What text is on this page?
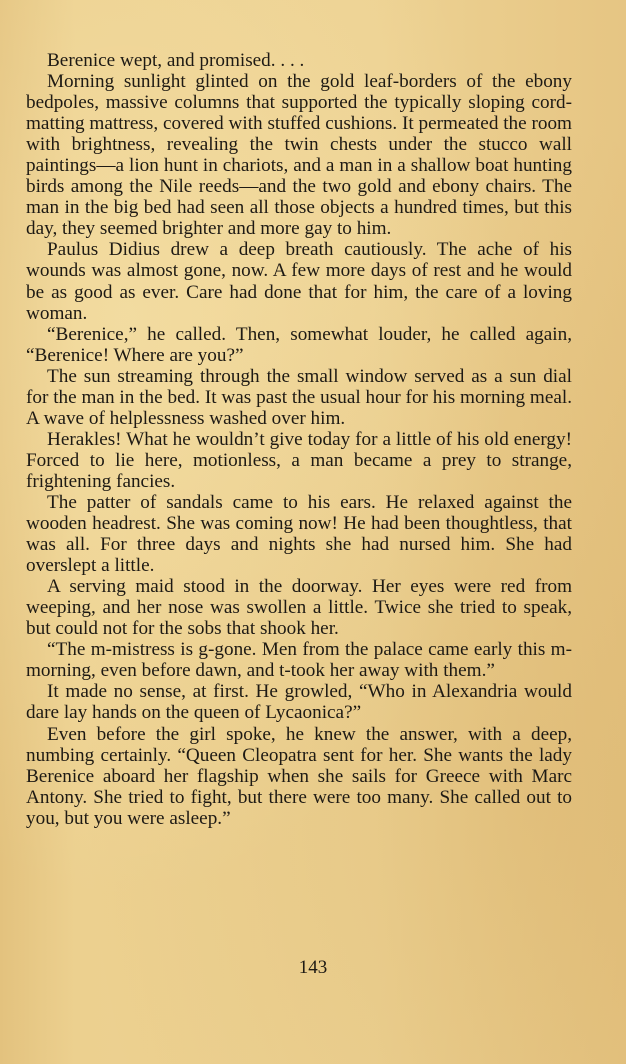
Berenice wept, and promised. . . .

Morning sunlight glinted on the gold leaf-borders of the ebony bedpoles, massive columns that supported the typically sloping cord-matting mattress, covered with stuffed cushions. It permeated the room with brightness, revealing the twin chests under the stucco wall paintings—a lion hunt in chariots, and a man in a shallow boat hunting birds among the Nile reeds—and the two gold and ebony chairs. The man in the big bed had seen all those objects a hundred times, but this day, they seemed brighter and more gay to him.

Paulus Didius drew a deep breath cautiously. The ache of his wounds was almost gone, now. A few more days of rest and he would be as good as ever. Care had done that for him, the care of a loving woman.

“Berenice,” he called. Then, somewhat louder, he called again, “Berenice! Where are you?”

The sun streaming through the small window served as a sun dial for the man in the bed. It was past the usual hour for his morning meal. A wave of helplessness washed over him.

Herakles! What he wouldn’t give today for a little of his old energy! Forced to lie here, motionless, a man became a prey to strange, frightening fancies.

The patter of sandals came to his ears. He relaxed against the wooden headrest. She was coming now! He had been thoughtless, that was all. For three days and nights she had nursed him. She had overslept a little.

A serving maid stood in the doorway. Her eyes were red from weeping, and her nose was swollen a little. Twice she tried to speak, but could not for the sobs that shook her.

“The m-mistress is g-gone. Men from the palace came early this m-morning, even before dawn, and t-took her away with them.”

It made no sense, at first. He growled, “Who in Alexandria would dare lay hands on the queen of Lycaonica?”

Even before the girl spoke, he knew the answer, with a deep, numbing certainly. “Queen Cleopatra sent for her. She wants the lady Berenice aboard her flagship when she sails for Greece with Marc Antony. She tried to fight, but there were too many. She called out to you, but you were asleep.”

143
